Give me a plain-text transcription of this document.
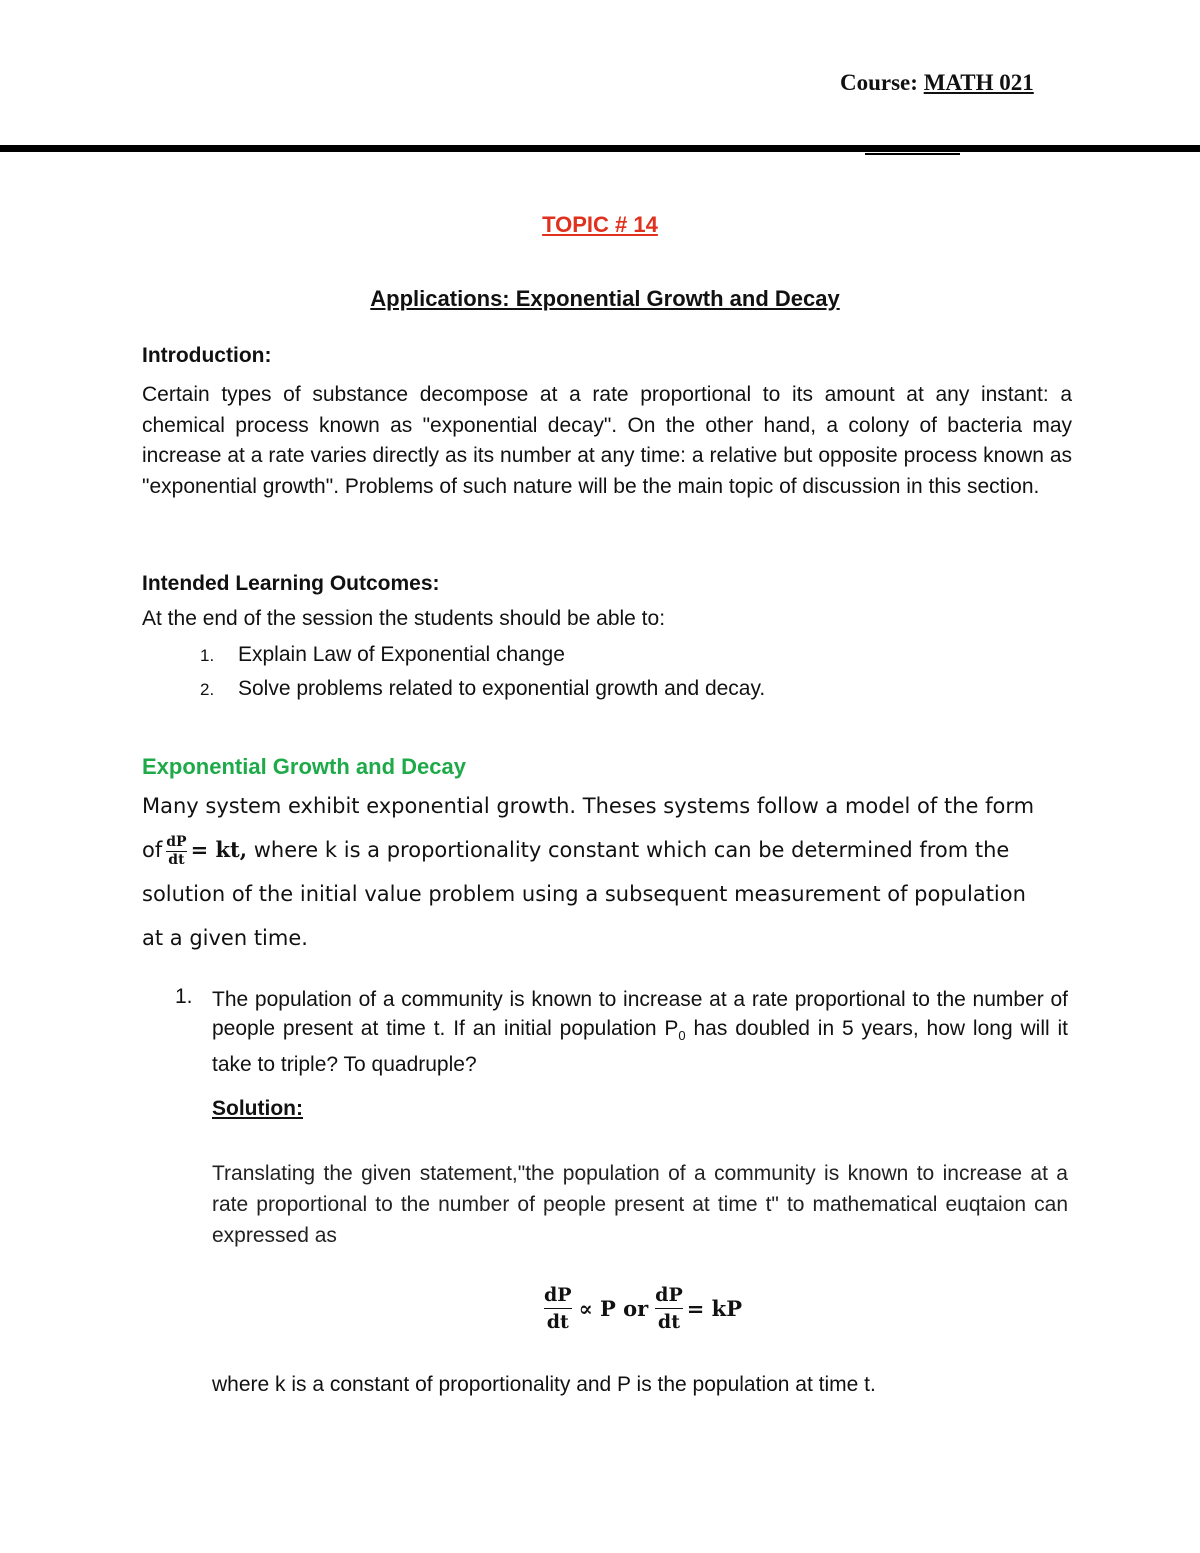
Course: MATH 021
TOPIC # 14
Applications: Exponential Growth and Decay
Introduction:
Certain types of substance decompose at a rate proportional to its amount at any instant: a chemical process known as "exponential decay". On the other hand, a colony of bacteria may increase at a rate varies directly as its number at any time: a relative but opposite process known as "exponential growth". Problems of such nature will be the main topic of discussion in this section.
Intended Learning Outcomes:
At the end of the session the students should be able to:
1. Explain Law of Exponential change
2. Solve problems related to exponential growth and decay.
Exponential Growth and Decay
Many system exhibit exponential growth. Theses systems follow a model of the form
of $\frac{dP}{dt}$ = kt, where k is a proportionality constant which can be determined from the
solution of the initial value problem using a subsequent measurement of population
at a given time.
1. The population of a community is known to increase at a rate proportional to the number of people present at time t. If an initial population $P_0$ has doubled in 5 years, how long will it take to triple? To quadruple?
Solution:
Translating the given statement,"the population of a community is known to increase at a rate proportional to the number of people present at time t" to mathematical euqtaion can expressed as
$\frac{dP}{dt} \propto P$ or $\frac{dP}{dt}$ = kP
where k is a constant of proportionality and P is the population at time t.
